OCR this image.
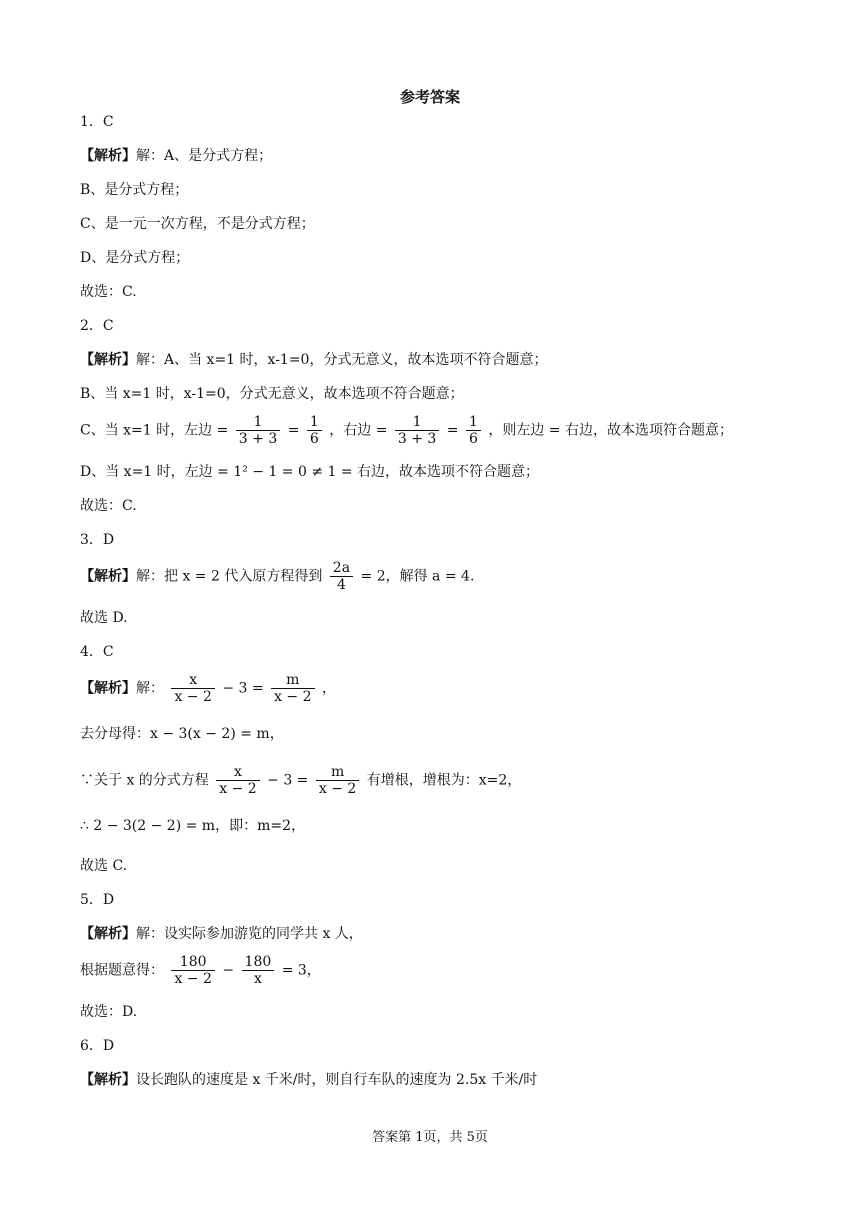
参考答案
1．C
【解析】解：A、是分式方程；
B、是分式方程；
C、是一元一次方程，不是分式方程；
D、是分式方程；
故选：C.
2．C
【解析】解：A、当 x=1 时，x-1=0，分式无意义，故本选项不符合题意；
B、当 x=1 时，x-1=0，分式无意义，故本选项不符合题意；
C、当 x=1 时，左边 = $\frac{1}{3 + 3} = \frac{1}{6}$ ，右边 = $\frac{1}{3 + 3} = \frac{1}{6}$ ，则左边 = 右边，故本选项符合题意；
D、当 x=1 时，左边 = 1² − 1 = 0 ≠ 1 = 右边，故本选项不符合题意；
故选：C.
3．D
【解析】解：把 x = 2 代入原方程得到 $\frac{2a}{4} = 2$，解得 a = 4.
故选 D.
4．C
【解析】解： $\frac{x}{x - 2} - 3 = \frac{m}{x - 2}$ ，
去分母得：x − 3(x − 2) = m，
∵关于 x 的分式方程 $\frac{x}{x - 2} - 3 = \frac{m}{x - 2}$ 有增根，增根为：x=2，
∴ 2 − 3(2 − 2) = m，即：m=2，
故选 C.
5．D
【解析】解：设实际参加游览的同学共 x 人，
根据题意得： $\frac{180}{x - 2} - \frac{180}{x} = 3$，
故选：D.
6．D
【解析】设长跑队的速度是 x 千米/时，则自行车队的速度为 2.5x 千米/时
答案第 1页，共 5页
